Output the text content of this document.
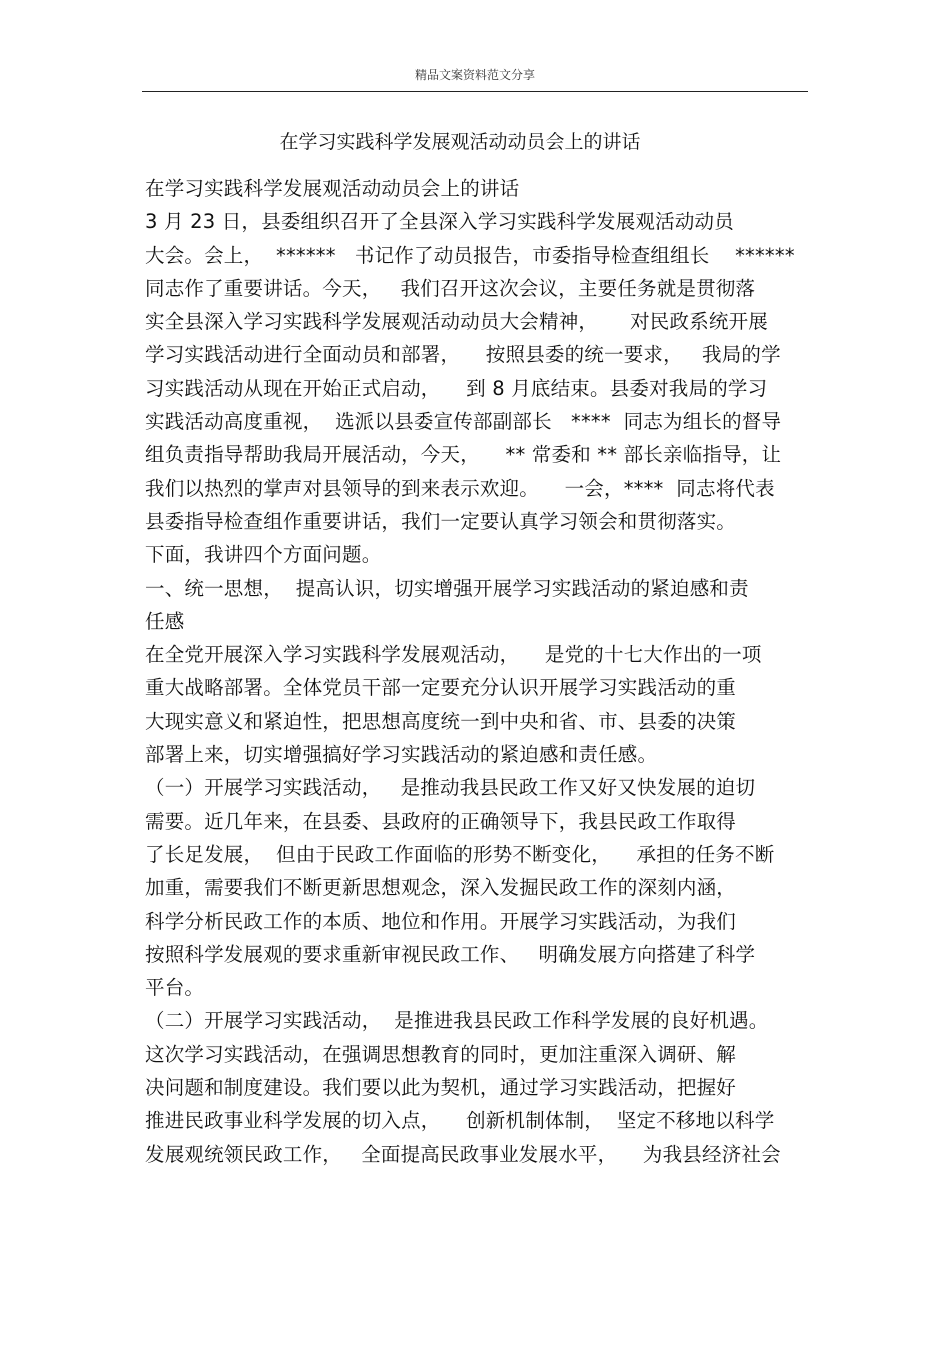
精品文案资料范文分享
在学习实践科学发展观活动动员会上的讲话
在学习实践科学发展观活动动员会上的讲话
3 月 23 日，县委组织召开了全县深入学习实践科学发展观活动动员
大会。会上，  ******   书记作了动员报告，市委指导检查组组长    ******
同志作了重要讲话。今天，   我们召开这次会议，主要任务就是贯彻落
实全县深入学习实践科学发展观活动动员大会精神，     对民政系统开展
学习实践活动进行全面动员和部署，    按照县委的统一要求，   我局的学
习实践活动从现在开始正式启动，    到 8 月底结束。县委对我局的学习
实践活动高度重视，  选派以县委宣传部副部长   ****  同志为组长的督导
组负责指导帮助我局开展活动，今天，    ** 常委和 ** 部长亲临指导，让
我们以热烈的掌声对县领导的到来表示欢迎。    一会，****  同志将代表
县委指导检查组作重要讲话，我们一定要认真学习领会和贯彻落实。
下面，我讲四个方面问题。
一、统一思想，  提高认识，切实增强开展学习实践活动的紧迫感和责
任感
在全党开展深入学习实践科学发展观活动，    是党的十七大作出的一项
重大战略部署。全体党员干部一定要充分认识开展学习实践活动的重
大现实意义和紧迫性，把思想高度统一到中央和省、市、县委的决策
部署上来，切实增强搞好学习实践活动的紧迫感和责任感。
（一）开展学习实践活动，   是推动我县民政工作又好又快发展的迫切
需要。近几年来，在县委、县政府的正确领导下，我县民政工作取得
了长足发展，  但由于民政工作面临的形势不断变化，    承担的任务不断
加重，需要我们不断更新思想观念，深入发掘民政工作的深刻内涵，
科学分析民政工作的本质、地位和作用。开展学习实践活动，为我们
按照科学发展观的要求重新审视民政工作、   明确发展方向搭建了科学
平台。
（二）开展学习实践活动，  是推进我县民政工作科学发展的良好机遇。
这次学习实践活动，在强调思想教育的同时，更加注重深入调研、解
决问题和制度建设。我们要以此为契机，通过学习实践活动，把握好
推进民政事业科学发展的切入点，    创新机制体制，  坚定不移地以科学
发展观统领民政工作，   全面提高民政事业发展水平，    为我县经济社会
